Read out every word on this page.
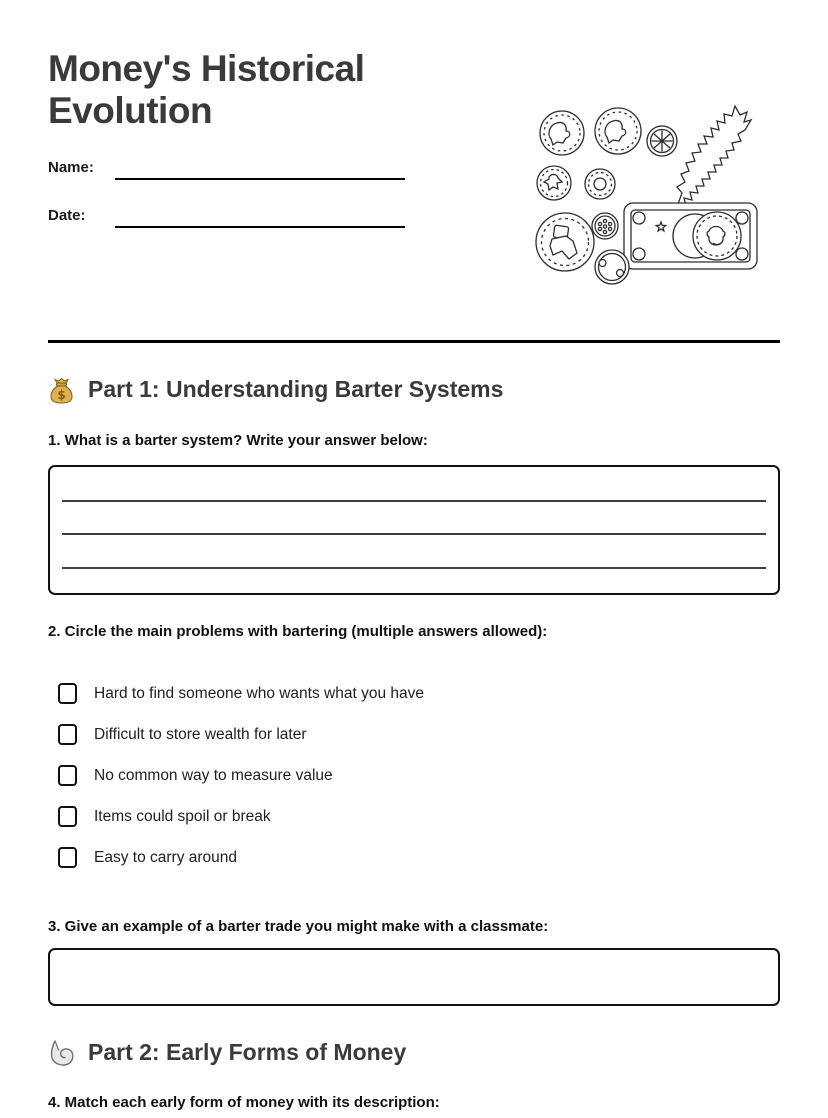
Money's Historical Evolution
Name:
Date:
$ Part 1: Understanding Barter Systems
1. What is a barter system? Write your answer below:
2. Circle the main problems with bartering (multiple answers allowed):
Hard to find someone who wants what you have
Difficult to store wealth for later
No common way to measure value
Items could spoil or break
Easy to carry around
3. Give an example of a barter trade you might make with a classmate:
Part 2: Early Forms of Money
4. Match each early form of money with its description:
